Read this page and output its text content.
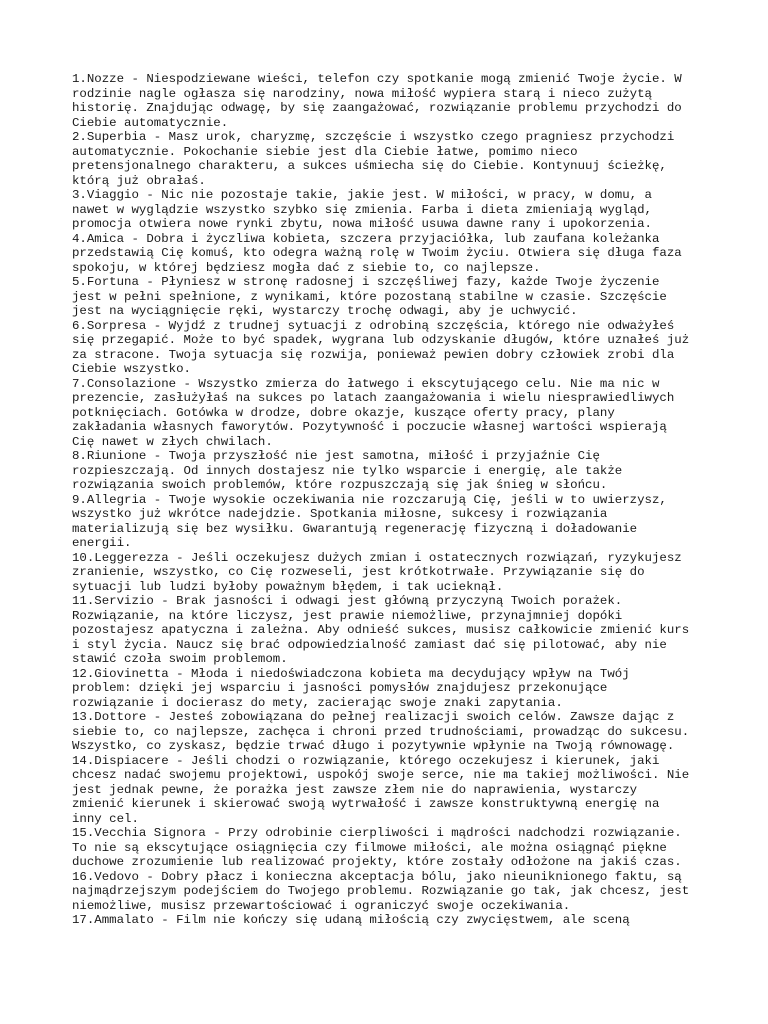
1.Nozze - Niespodziewane wieści, telefon czy spotkanie mogą zmienić Twoje życie. W
rodzinie nagle ogłasza się narodziny, nowa miłość wypiera starą i nieco zużytą
historię. Znajdując odwagę, by się zaangażować, rozwiązanie problemu przychodzi do
Ciebie automatycznie.

2.Superbia - Masz urok, charyzmę, szczęście i wszystko czego pragniesz przychodzi
automatycznie. Pokochanie siebie jest dla Ciebie łatwe, pomimo nieco
pretensjonalnego charakteru, a sukces uśmiecha się do Ciebie. Kontynuuj ścieżkę,
którą już obrałaś.

3.Viaggio - Nic nie pozostaje takie, jakie jest. W miłości, w pracy, w domu, a
nawet w wyglądzie wszystko szybko się zmienia. Farba i dieta zmieniają wygląd,
promocja otwiera nowe rynki zbytu, nowa miłość usuwa dawne rany i upokorzenia.

4.Amica - Dobra i życzliwa kobieta, szczera przyjaciółka, lub zaufana koleżanka
przedstawią Cię komuś, kto odegra ważną rolę w Twoim życiu. Otwiera się długa faza
spokoju, w której będziesz mogła dać z siebie to, co najlepsze.

5.Fortuna - Płyniesz w stronę radosnej i szczęśliwej fazy, każde Twoje życzenie
jest w pełni spełnione, z wynikami, które pozostaną stabilne w czasie. Szczęście
jest na wyciągnięcie ręki, wystarczy trochę odwagi, aby je uchwycić.

6.Sorpresa - Wyjdź z trudnej sytuacji z odrobiną szczęścia, którego nie odważyłeś
się przegapić. Może to być spadek, wygrana lub odzyskanie długów, które uznałeś już
za stracone. Twoja sytuacja się rozwija, ponieważ pewien dobry człowiek zrobi dla
Ciebie wszystko.

7.Consolazione - Wszystko zmierza do łatwego i ekscytującego celu. Nie ma nic w
prezencie, zasłużyłaś na sukces po latach zaangażowania i wielu niesprawiedliwych
potknięciach. Gotówka w drodze, dobre okazje, kuszące oferty pracy, plany
zakładania własnych faworytów. Pozytywność i poczucie własnej wartości wspierają
Cię nawet w złych chwilach.

8.Riunione - Twoja przyszłość nie jest samotna, miłość i przyjaźnie Cię
rozpieszczają. Od innych dostajesz nie tylko wsparcie i energię, ale także
rozwiązania swoich problemów, które rozpuszczają się jak śnieg w słońcu.

9.Allegria - Twoje wysokie oczekiwania nie rozczarują Cię, jeśli w to uwierzysz,
wszystko już wkrótce nadejdzie. Spotkania miłosne, sukcesy i rozwiązania
materializują się bez wysiłku. Gwarantują regenerację fizyczną i doładowanie
energii.

10.Leggerezza - Jeśli oczekujesz dużych zmian i ostatecznych rozwiązań, ryzykujesz
zranienie, wszystko, co Cię rozweseli, jest krótkotrwałe. Przywiązanie się do
sytuacji lub ludzi byłoby poważnym błędem, i tak ucieknął.

11.Servizio - Brak jasności i odwagi jest główną przyczyną Twoich porażek.
Rozwiązanie, na które liczysz, jest prawie niemożliwe, przynajmniej dopóki
pozostajesz apatyczna i zależna. Aby odnieść sukces, musisz całkowicie zmienić kurs
i styl życia. Naucz się brać odpowiedzialność zamiast dać się pilotować, aby nie
stawić czoła swoim problemom.

12.Giovinetta - Młoda i niedoświadczona kobieta ma decydujący wpływ na Twój
problem: dzięki jej wsparciu i jasności pomysłów znajdujesz przekonujące
rozwiązanie i docierasz do mety, zacierając swoje znaki zapytania.

13.Dottore - Jesteś zobowiązana do pełnej realizacji swoich celów. Zawsze dając z
siebie to, co najlepsze, zachęca i chroni przed trudnościami, prowadząc do sukcesu.
Wszystko, co zyskasz, będzie trwać długo i pozytywnie wpłynie na Twoją równowagę.

14.Dispiacere - Jeśli chodzi o rozwiązanie, którego oczekujesz i kierunek, jaki
chcesz nadać swojemu projektowi, uspokój swoje serce, nie ma takiej możliwości. Nie
jest jednak pewne, że porażka jest zawsze złem nie do naprawienia, wystarczy
zmienić kierunek i skierować swoją wytrwałość i zawsze konstruktywną energię na
inny cel.

15.Vecchia Signora - Przy odrobinie cierpliwości i mądrości nadchodzi rozwiązanie.
To nie są ekscytujące osiągnięcia czy filmowe miłości, ale można osiągnąć piękne
duchowe zrozumienie lub realizować projekty, które zostały odłożone na jakiś czas.

16.Vedovo - Dobry płacz i konieczna akceptacja bólu, jako nieuniknionego faktu, są
najmądrzejszym podejściem do Twojego problemu. Rozwiązanie go tak, jak chcesz, jest
niemożliwe, musisz przewartościować i ograniczyć swoje oczekiwania.

17.Ammalato - Film nie kończy się udaną miłością czy zwycięstwem, ale sceną
